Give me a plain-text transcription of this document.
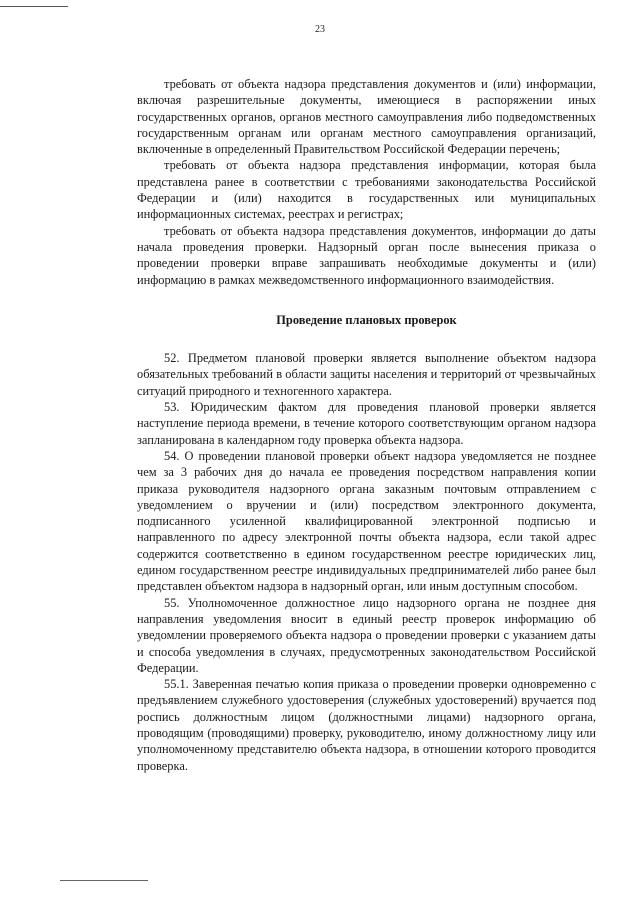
23

требовать от объекта надзора представления документов и (или) информации, включая разрешительные документы, имеющиеся в распоряжении иных государственных органов, органов местного самоуправления либо подведомственных государственным органам или органам местного самоуправления организаций, включенные в определенный Правительством Российской Федерации перечень;

требовать от объекта надзора представления информации, которая была представлена ранее в соответствии с требованиями законодательства Российской Федерации и (или) находится в государственных или муниципальных информационных системах, реестрах и регистрах;

требовать от объекта надзора представления документов, информации до даты начала проведения проверки. Надзорный орган после вынесения приказа о проведении проверки вправе запрашивать необходимые документы и (или) информацию в рамках межведомственного информационного взаимодействия.

Проведение плановых проверок

52. Предметом плановой проверки является выполнение объектом надзора обязательных требований в области защиты населения и территорий от чрезвычайных ситуаций природного и техногенного характера.

53. Юридическим фактом для проведения плановой проверки является наступление периода времени, в течение которого соответствующим органом надзора запланирована в календарном году проверка объекта надзора.

54. О проведении плановой проверки объект надзора уведомляется не позднее чем за 3 рабочих дня до начала ее проведения посредством направления копии приказа руководителя надзорного органа заказным почтовым отправлением с уведомлением о вручении и (или) посредством электронного документа, подписанного усиленной квалифицированной электронной подписью и направленного по адресу электронной почты объекта надзора, если такой адрес содержится соответственно в едином государственном реестре юридических лиц, едином государственном реестре индивидуальных предпринимателей либо ранее был представлен объектом надзора в надзорный орган, или иным доступным способом.

55. Уполномоченное должностное лицо надзорного органа не позднее дня направления уведомления вносит в единый реестр проверок информацию об уведомлении проверяемого объекта надзора о проведении проверки с указанием даты и способа уведомления в случаях, предусмотренных законодательством Российской Федерации.

55.1. Заверенная печатью копия приказа о проведении проверки одновременно с предъявлением служебного удостоверения (служебных удостоверений) вручается под роспись должностным лицом (должностными лицами) надзорного органа, проводящим (проводящими) проверку, руководителю, иному должностному лицу или уполномоченному представителю объекта надзора, в отношении которого проводится проверка.
